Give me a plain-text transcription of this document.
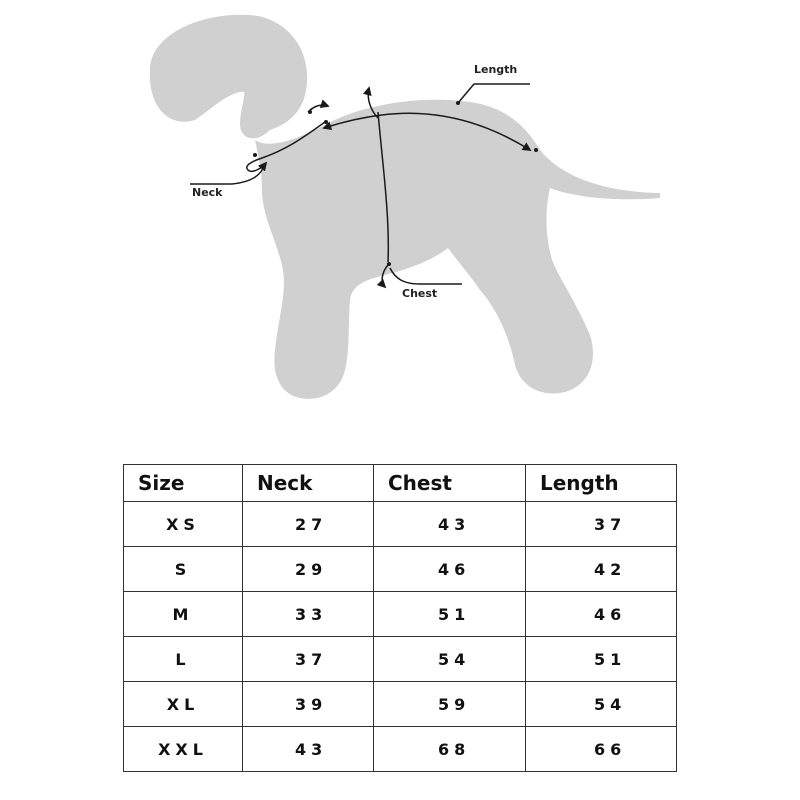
Neck
Chest
Length
Size	Neck	Chest	Length
XS	27	43	37
S	29	46	42
M	33	51	46
L	37	54	51
XL	39	59	54
XXL	43	68	66
